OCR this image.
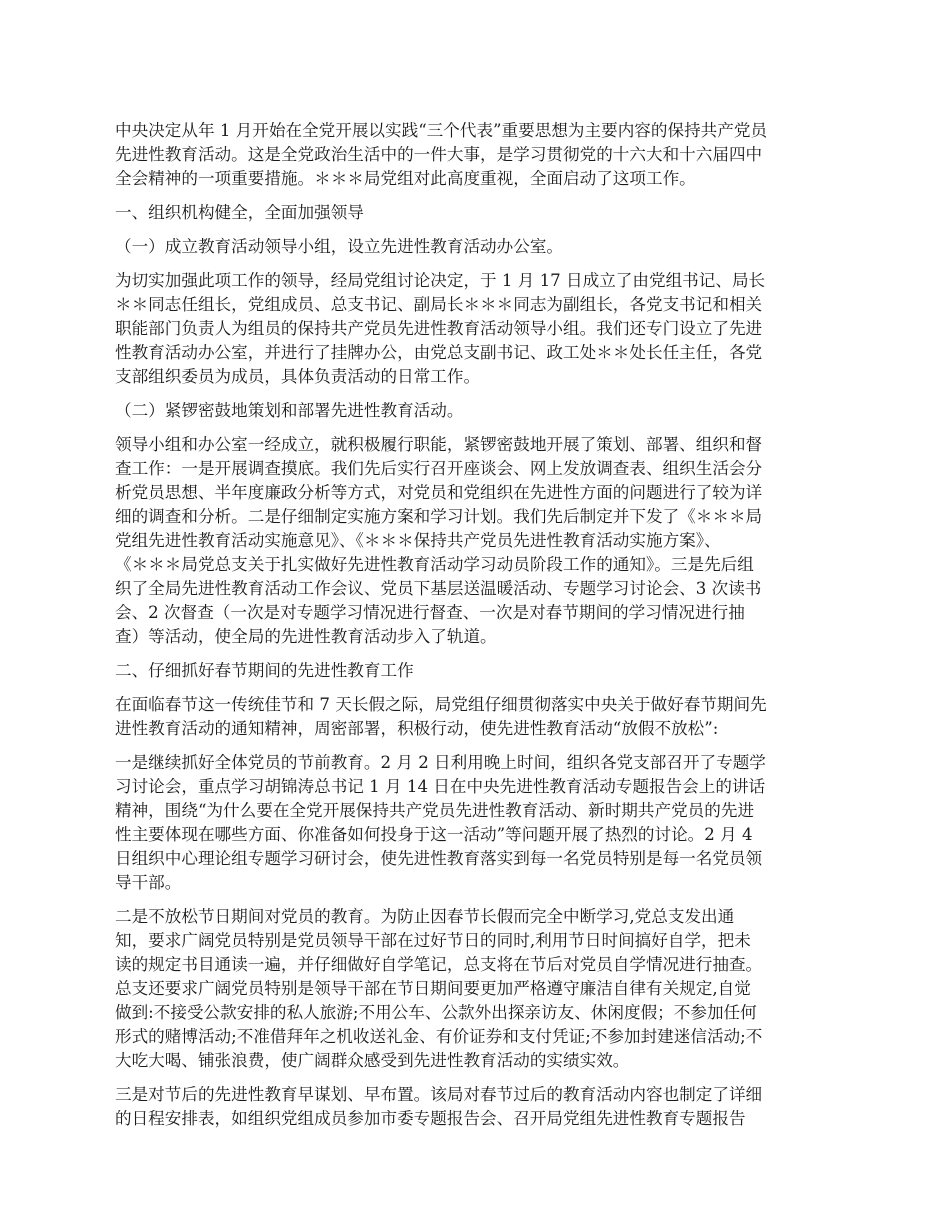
中央决定从年 1 月开始在全党开展以实践“三个代表”重要思想为主要内容的保持共产党员
先进性教育活动。这是全党政治生活中的一件大事，是学习贯彻党的十六大和十六届四中
全会精神的一项重要措施。＊＊＊局党组对此高度重视，全面启动了这项工作。

一、组织机构健全，全面加强领导

（一）成立教育活动领导小组，设立先进性教育活动办公室。

为切实加强此项工作的领导，经局党组讨论决定，于 1 月 17 日成立了由党组书记、局长
＊＊同志任组长，党组成员、总支书记、副局长＊＊＊同志为副组长，各党支书记和相关
职能部门负责人为组员的保持共产党员先进性教育活动领导小组。我们还专门设立了先进
性教育活动办公室，并进行了挂牌办公，由党总支副书记、政工处＊＊处长任主任，各党
支部组织委员为成员，具体负责活动的日常工作。

（二）紧锣密鼓地策划和部署先进性教育活动。

领导小组和办公室一经成立，就积极履行职能，紧锣密鼓地开展了策划、部署、组织和督
查工作：一是开展调查摸底。我们先后实行召开座谈会、网上发放调查表、组织生活会分
析党员思想、半年度廉政分析等方式，对党员和党组织在先进性方面的问题进行了较为详
细的调查和分析。二是仔细制定实施方案和学习计划。我们先后制定并下发了《＊＊＊局
党组先进性教育活动实施意见》、《＊＊＊保持共产党员先进性教育活动实施方案》、
《＊＊＊局党总支关于扎实做好先进性教育活动学习动员阶段工作的通知》。三是先后组
织了全局先进性教育活动工作会议、党员下基层送温暖活动、专题学习讨论会、3 次读书
会、2 次督查（一次是对专题学习情况进行督查、一次是对春节期间的学习情况进行抽
查）等活动，使全局的先进性教育活动步入了轨道。

二、仔细抓好春节期间的先进性教育工作

在面临春节这一传统佳节和 7 天长假之际，局党组仔细贯彻落实中央关于做好春节期间先
进性教育活动的通知精神，周密部署，积极行动，使先进性教育活动“放假不放松”:

一是继续抓好全体党员的节前教育。2 月 2 日利用晚上时间，组织各党支部召开了专题学
习讨论会，重点学习胡锦涛总书记 1 月 14 日在中央先进性教育活动专题报告会上的讲话
精神，围绕“为什么要在全党开展保持共产党员先进性教育活动、新时期共产党员的先进
性主要体现在哪些方面、你准备如何投身于这一活动”等问题开展了热烈的讨论。2 月 4
日组织中心理论组专题学习研讨会，使先进性教育落实到每一名党员特别是每一名党员领
导干部。

二是不放松节日期间对党员的教育。为防止因春节长假而完全中断学习,党总支发出通
知，要求广阔党员特别是党员领导干部在过好节日的同时,利用节日时间搞好自学，把未
读的规定书目通读一遍，并仔细做好自学笔记，总支将在节后对党员自学情况进行抽查。
总支还要求广阔党员特别是领导干部在节日期间要更加严格遵守廉洁自律有关规定,自觉
做到:不接受公款安排的私人旅游;不用公车、公款外出探亲访友、休闲度假；不参加任何
形式的赌博活动;不准借拜年之机收送礼金、有价证券和支付凭证;不参加封建迷信活动;不
大吃大喝、铺张浪费，使广阔群众感受到先进性教育活动的实绩实效。

三是对节后的先进性教育早谋划、早布置。该局对春节过后的教育活动内容也制定了详细
的日程安排表，如组织党组成员参加市委专题报告会、召开局党组先进性教育专题报告
